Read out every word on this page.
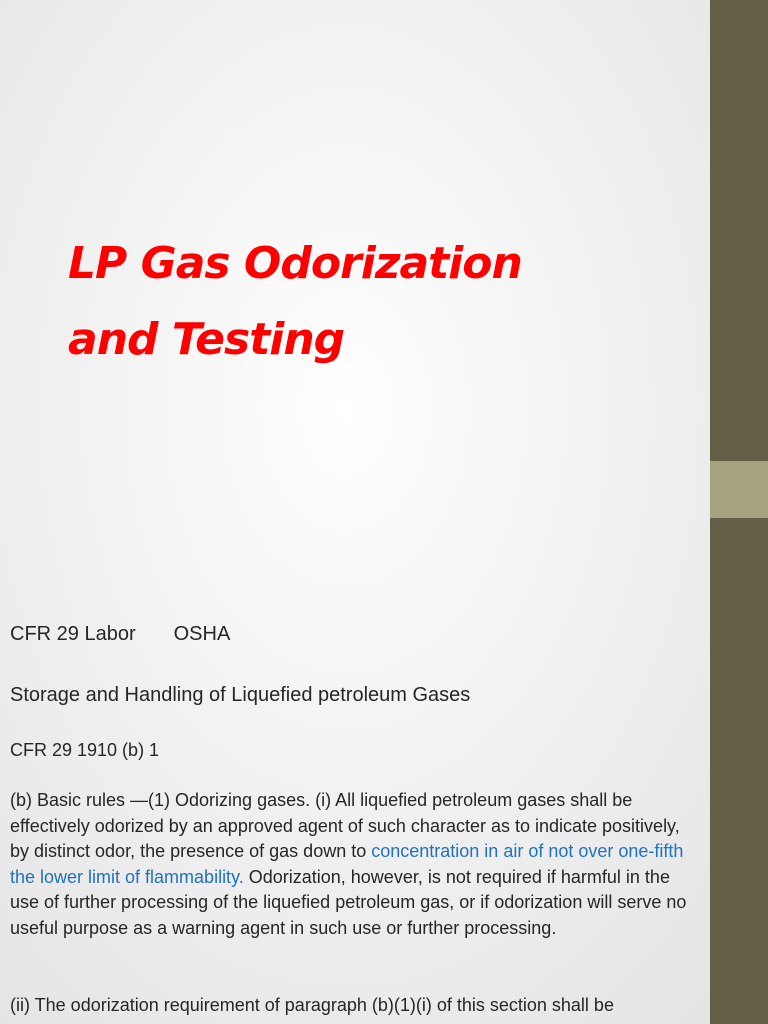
LP Gas Odorization
and Testing

CFR 29 Labor OSHA

Storage and Handling of Liquefied petroleum Gases

CFR 29 1910 (b) 1

(b) Basic rules —(1) Odorizing gases. (i) All liquefied petroleum gases shall be effectively odorized by an approved agent of such character as to indicate positively, by distinct odor, the presence of gas down to concentration in air of not over one-fifth the lower limit of flammability. Odorization, however, is not required if harmful in the use of further processing of the liquefied petroleum gas, or if odorization will serve no useful purpose as a warning agent in such use or further processing.

(ii) The odorization requirement of paragraph (b)(1)(i) of this section shall be
